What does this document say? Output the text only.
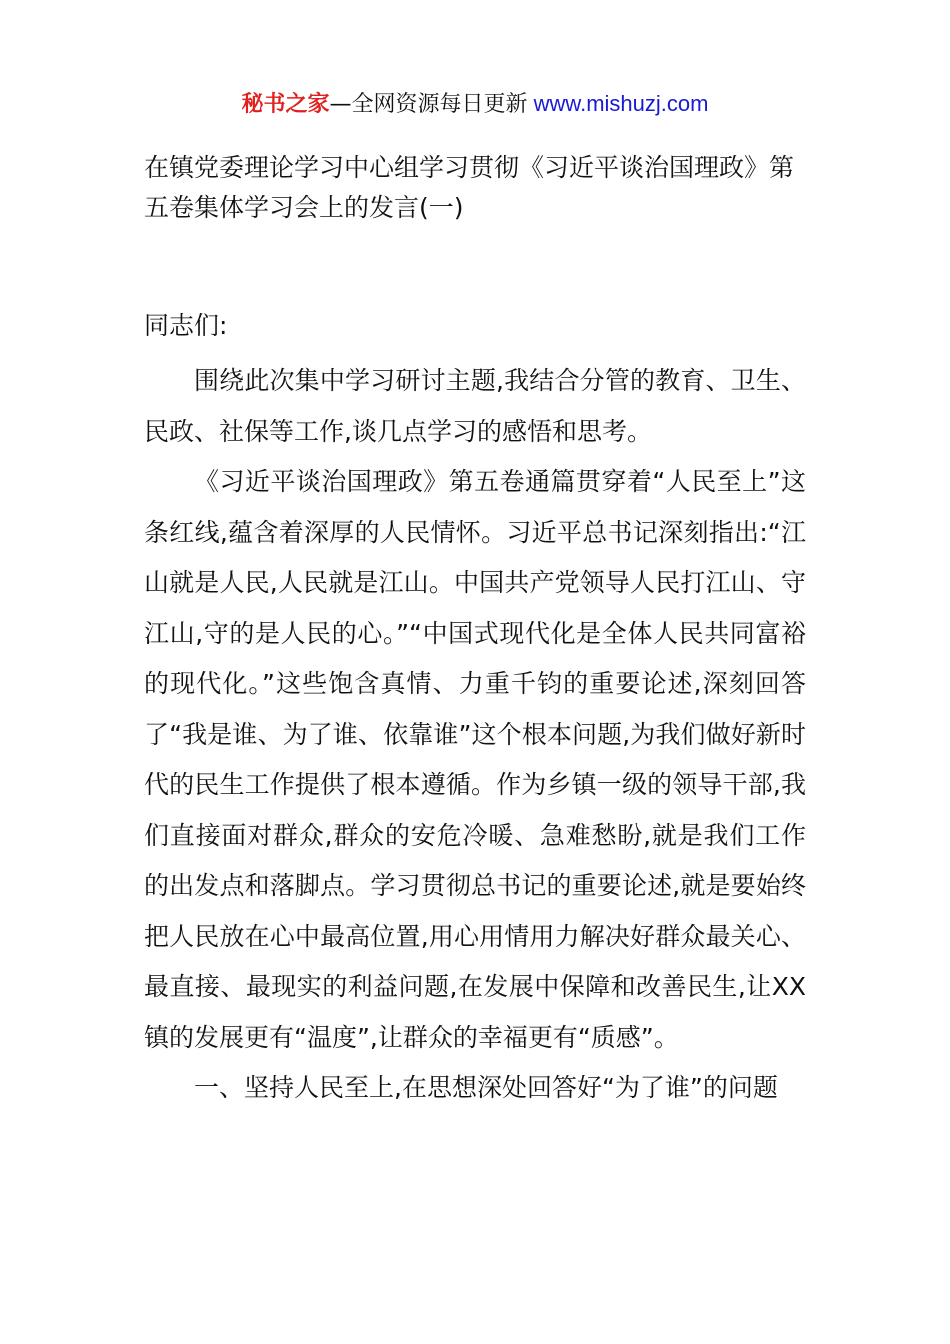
秘书之家—全网资源每日更新 www.mishuzj.com
在镇党委理论学习中心组学习贯彻《习近平谈治国理政》第五卷集体学习会上的发言(一)

同志们:

围绕此次集中学习研讨主题,我结合分管的教育、卫生、民政、社保等工作,谈几点学习的感悟和思考。

《习近平谈治国理政》第五卷通篇贯穿着“人民至上”这条红线,蕴含着深厚的人民情怀。习近平总书记深刻指出:“江山就是人民,人民就是江山。中国共产党领导人民打江山、守江山,守的是人民的心。”“中国式现代化是全体人民共同富裕的现代化。”这些饱含真情、力重千钧的重要论述,深刻回答了“我是谁、为了谁、依靠谁”这个根本问题,为我们做好新时代的民生工作提供了根本遵循。作为乡镇一级的领导干部,我们直接面对群众,群众的安危冷暖、急难愁盼,就是我们工作的出发点和落脚点。学习贯彻总书记的重要论述,就是要始终把人民放在心中最高位置,用心用情用力解决好群众最关心、最直接、最现实的利益问题,在发展中保障和改善民生,让XX镇的发展更有“温度”,让群众的幸福更有“质感”。

一、坚持人民至上,在思想深处回答好“为了谁”的问题
